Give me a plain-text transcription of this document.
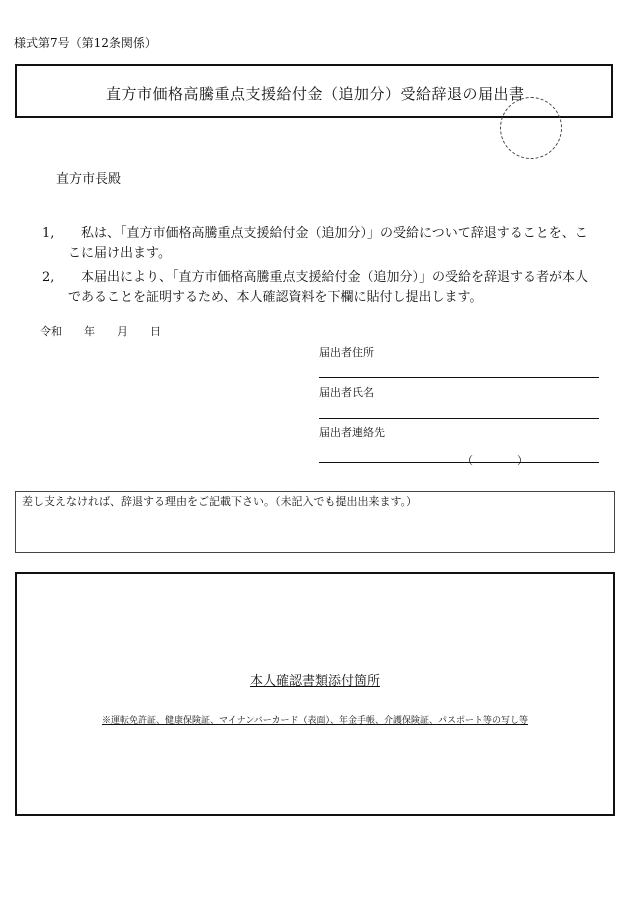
様式第7号（第12条関係）
直方市価格高騰重点支援給付金（追加分）受給辞退の届出書
直方市長殿
1, 　私は、「直方市価格高騰重点支援給付金（追加分）」の受給について辞退することを、ここに届け出ます。
2, 　本届出により、「直方市価格高騰重点支援給付金（追加分）」の受給を辞退する者が本人であることを証明するため、本人確認資料を下欄に貼付し提出します。
令和 年 月 日
届出者住所
届出者氏名
届出者連絡先
（　　　　）
差し支えなければ、辞退する理由をご記載下さい。（未記入でも提出出来ます。）
本人確認書類添付箇所
※運転免許証、健康保険証、マイナンバーカード（表面）、年金手帳、介護保険証、パスポート等の写し等
